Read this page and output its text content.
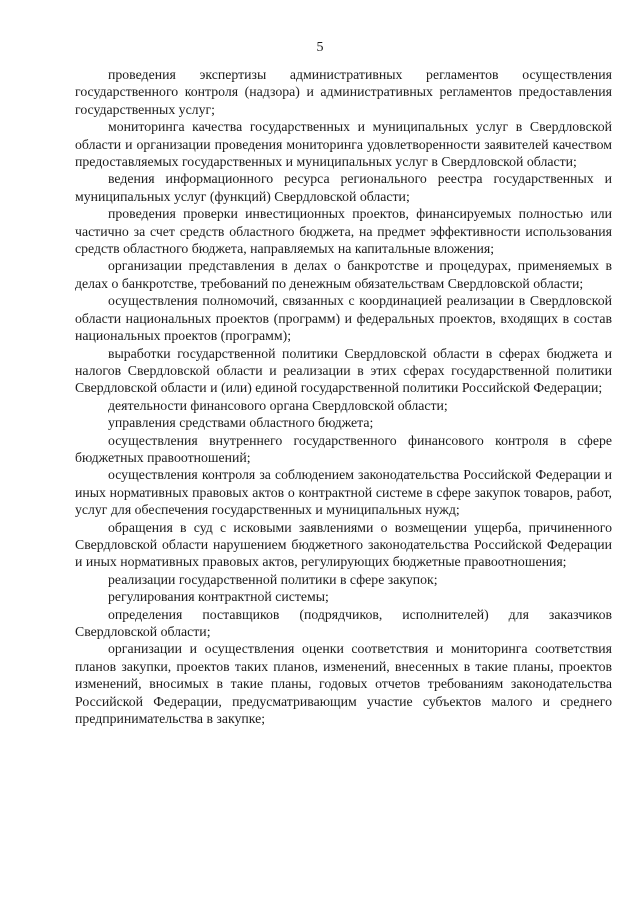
5

проведения экспертизы административных регламентов осуществления государственного контроля (надзора) и административных регламентов предоставления государственных услуг;

мониторинга качества государственных и муниципальных услуг в Свердловской области и организации проведения мониторинга удовлетворенности заявителей качеством предоставляемых государственных и муниципальных услуг в Свердловской области;

ведения информационного ресурса регионального реестра государственных и муниципальных услуг (функций) Свердловской области;

проведения проверки инвестиционных проектов, финансируемых полностью или частично за счет средств областного бюджета, на предмет эффективности использования средств областного бюджета, направляемых на капитальные вложения;

организации представления в делах о банкротстве и процедурах, применяемых в делах о банкротстве, требований по денежным обязательствам Свердловской области;

осуществления полномочий, связанных с координацией реализации в Свердловской области национальных проектов (программ) и федеральных проектов, входящих в состав национальных проектов (программ);

выработки государственной политики Свердловской области в сферах бюджета и налогов Свердловской области и реализации в этих сферах государственной политики Свердловской области и (или) единой государственной политики Российской Федерации;

деятельности финансового органа Свердловской области;

управления средствами областного бюджета;

осуществления внутреннего государственного финансового контроля в сфере бюджетных правоотношений;

осуществления контроля за соблюдением законодательства Российской Федерации и иных нормативных правовых актов о контрактной системе в сфере закупок товаров, работ, услуг для обеспечения государственных и муниципальных нужд;

обращения в суд с исковыми заявлениями о возмещении ущерба, причиненного Свердловской области нарушением бюджетного законодательства Российской Федерации и иных нормативных правовых актов, регулирующих бюджетные правоотношения;

реализации государственной политики в сфере закупок;

регулирования контрактной системы;

определения поставщиков (подрядчиков, исполнителей) для заказчиков Свердловской области;

организации и осуществления оценки соответствия и мониторинга соответствия планов закупки, проектов таких планов, изменений, внесенных в такие планы, проектов изменений, вносимых в такие планы, годовых отчетов требованиям законодательства Российской Федерации, предусматривающим участие субъектов малого и среднего предпринимательства в закупке;
